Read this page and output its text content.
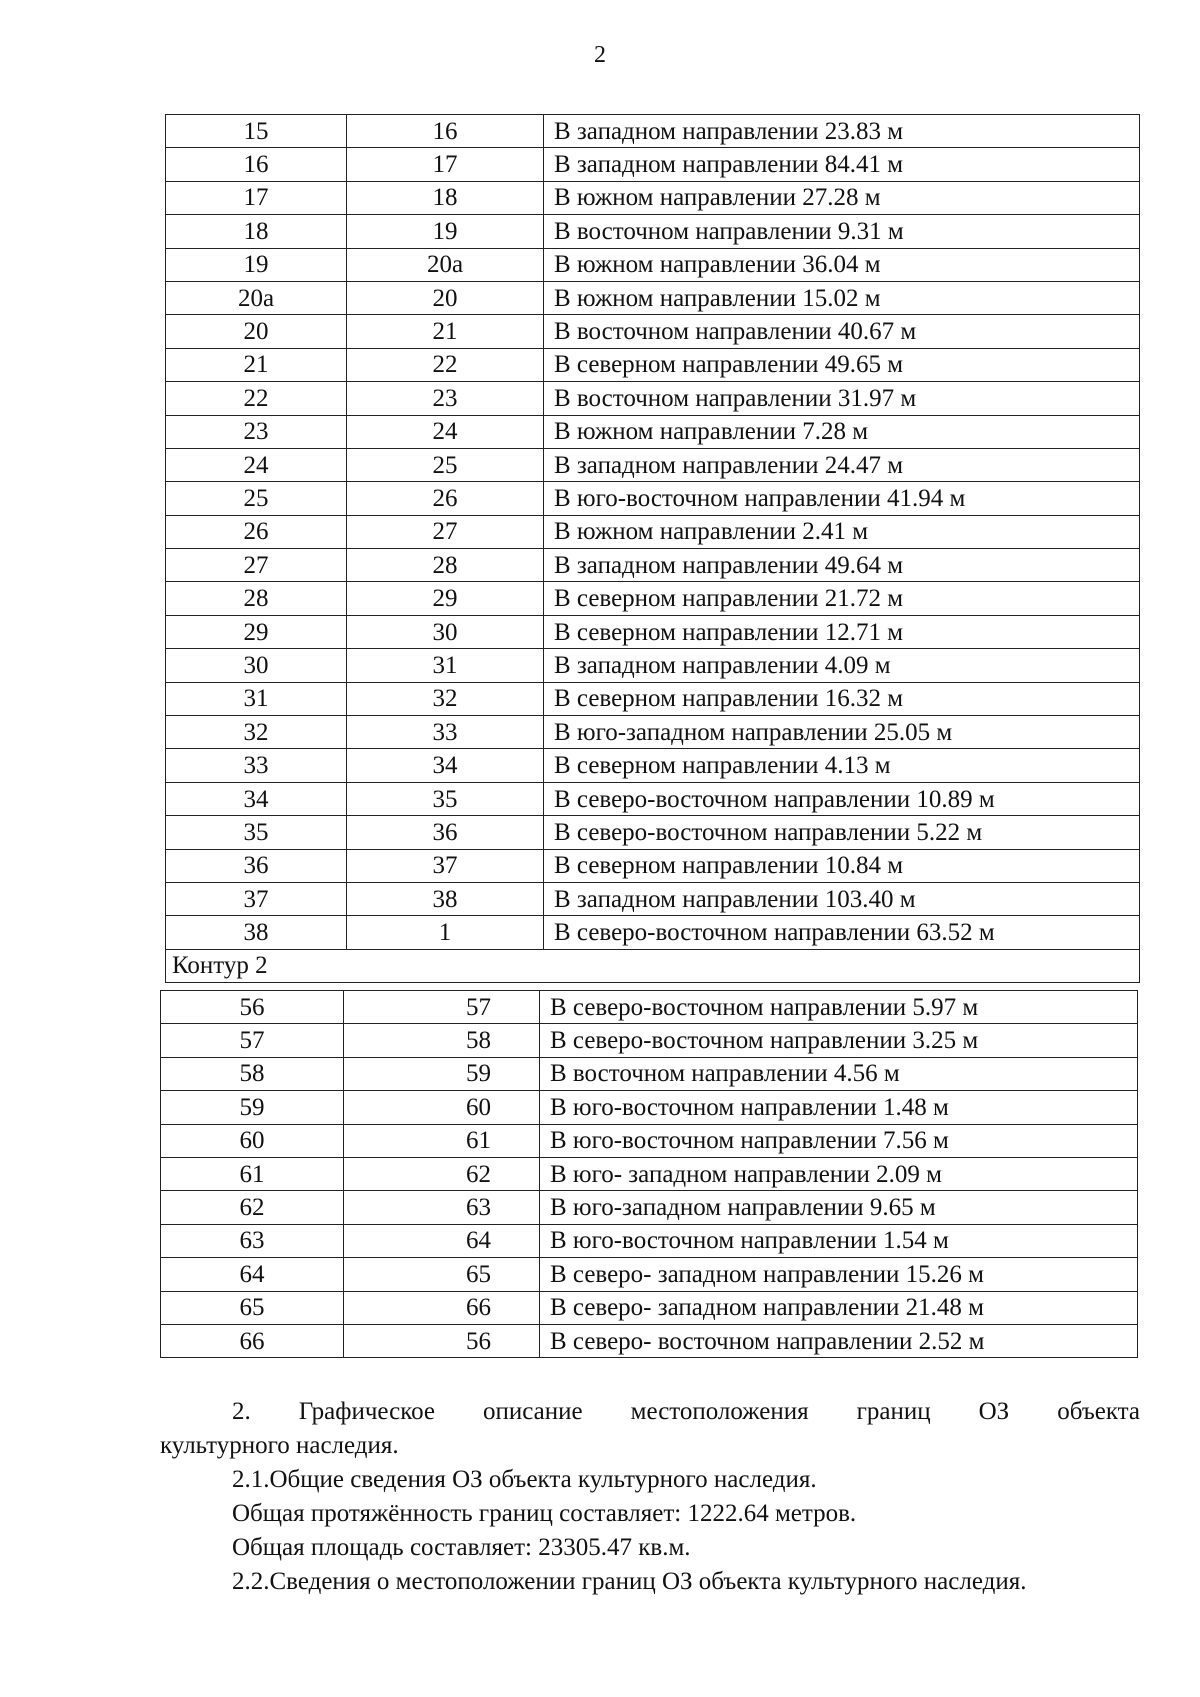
2
15	16	В западном направлении 23.83 м
16	17	В западном направлении 84.41 м
17	18	В южном направлении 27.28 м
18	19	В восточном направлении 9.31 м
19	20а	В южном направлении 36.04 м
20а	20	В южном направлении 15.02 м
20	21	В восточном направлении 40.67 м
21	22	В северном направлении 49.65 м
22	23	В восточном направлении 31.97 м
23	24	В южном направлении 7.28 м
24	25	В западном направлении 24.47 м
25	26	В юго-восточном направлении 41.94 м
26	27	В южном направлении 2.41 м
27	28	В западном направлении 49.64 м
28	29	В северном направлении 21.72 м
29	30	В северном направлении 12.71 м
30	31	В западном направлении 4.09 м
31	32	В северном направлении 16.32 м
32	33	В юго-западном направлении 25.05 м
33	34	В северном направлении 4.13 м
34	35	В северо-восточном направлении 10.89 м
35	36	В северо-восточном направлении 5.22 м
36	37	В северном направлении 10.84 м
37	38	В западном направлении 103.40 м
38	1	В северо-восточном направлении 63.52 м
Контур 2		
56	57	В северо-восточном направлении 5.97 м
57	58	В северо-восточном направлении 3.25 м
58	59	В восточном направлении 4.56 м
59	60	В юго-восточном направлении 1.48 м
60	61	В юго-восточном направлении 7.56 м
61	62	В юго- западном направлении 2.09 м
62	63	В юго-западном направлении 9.65 м
63	64	В юго-восточном направлении 1.54 м
64	65	В северо- западном направлении 15.26 м
65	66	В северо- западном направлении 21.48 м
66	56	В северо- восточном направлении 2.52 м

2. Графическое описание местоположения границ ОЗ объекта

культурного наследия.

2.1.Общие сведения ОЗ объекта культурного наследия.

Общая протяжённость границ составляет: 1222.64 метров.

Общая площадь составляет: 23305.47 кв.м.

2.2.Сведения о местоположении границ ОЗ объекта культурного наследия.
